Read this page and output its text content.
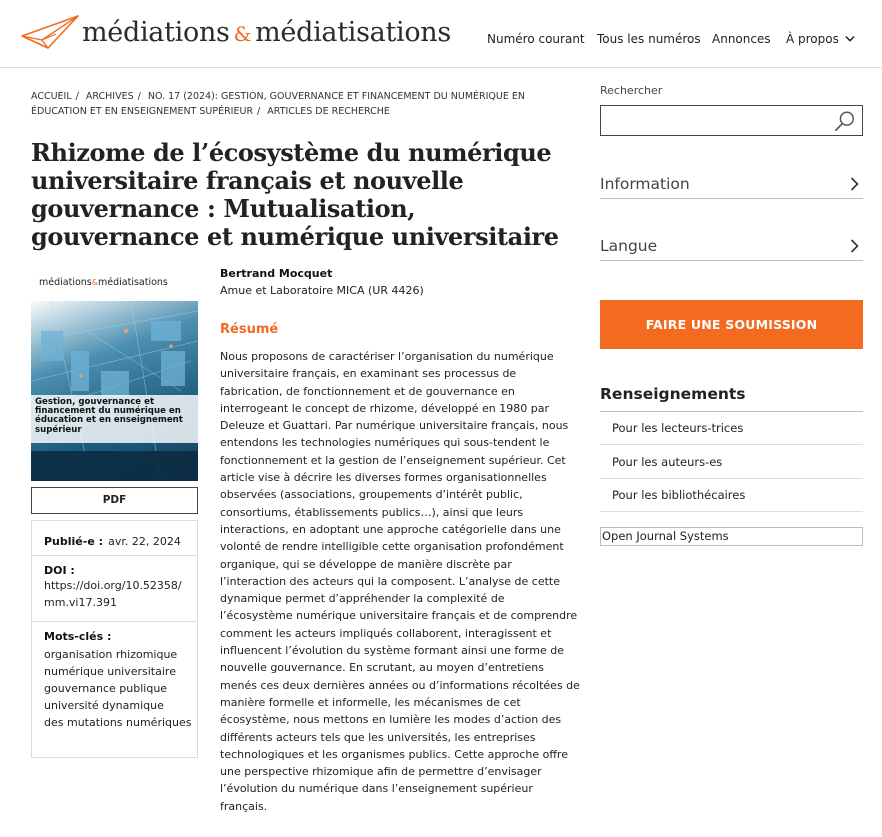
médiations & médiatisations	Numéro courant Tous les numéros Annonces À propos
ACCUEIL / ARCHIVES / NO. 17 (2024): GESTION, GOUVERNANCE ET FINANCEMENT DU NUMÉRIQUE EN ÉDUCATION ET EN ENSEIGNEMENT SUPÉRIEUR / ARTICLES DE RECHERCHE
Rhizome de l’écosystème du numérique universitaire français et nouvelle gouvernance : Mutualisation, gouvernance et numérique universitaire
médiations&médiatisations
Gestion, gouvernance et financement du numérique en éducation et en enseignement supérieur
PDF
Publié-e : avr. 22, 2024
DOI :
https://doi.org/10.52358/mm.vi17.391
Mots-clés :
organisation rhizomique
numérique universitaire
gouvernance publique
université dynamique
des mutations numériques
Bertrand Mocquet
Amue et Laboratoire MICA (UR 4426)
Résumé

Nous proposons de caractériser l’organisation du numérique universitaire français, en examinant ses processus de fabrication, de fonctionnement et de gouvernance en interrogeant le concept de rhizome, développé en 1980 par Deleuze et Guattari. Par numérique universitaire français, nous entendons les technologies numériques qui sous-tendent le fonctionnement et la gestion de l’enseignement supérieur. Cet article vise à décrire les diverses formes organisationnelles observées (associations, groupements d’intérêt public, consortiums, établissements publics…), ainsi que leurs interactions, en adoptant une approche catégorielle dans une volonté de rendre intelligible cette organisation profondément organique, qui se développe de manière discrète par l’interaction des acteurs qui la composent. L’analyse de cette dynamique permet d’appréhender la complexité de l’écosystème numérique universitaire français et de comprendre comment les acteurs impliqués collaborent, interagissent et influencent l’évolution du système formant ainsi une forme de nouvelle gouvernance. En scrutant, au moyen d’entretiens menés ces deux dernières années ou d’informations récoltées de manière formelle et informelle, les mécanismes de cet écosystème, nous mettons en lumière les modes d’action des différents acteurs tels que les universités, les entreprises technologiques et les organismes publics. Cette approche offre une perspective rhizomique afin de permettre d’envisager l’évolution du numérique dans l’enseignement supérieur français.

Rechercher
Information
Langue
FAIRE UNE SOUMISSION
Renseignements
Pour les lecteurs-trices
Pour les auteurs-es
Pour les bibliothécaires
Open Journal Systems
